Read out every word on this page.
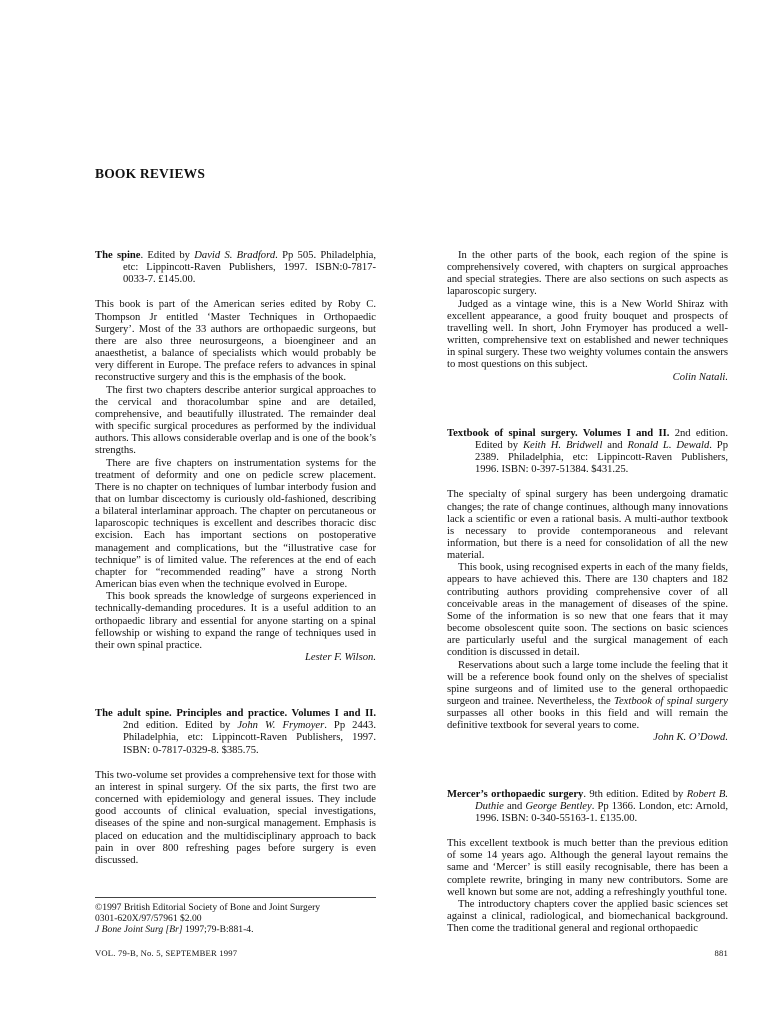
BOOK REVIEWS

The spine. Edited by David S. Bradford. Pp 505. Philadelphia, etc: Lippincott-Raven Publishers, 1997. ISBN:0-7817-0033-7. £145.00.

This book is part of the American series edited by Roby C. Thompson Jr entitled ‘Master Techniques in Orthopaedic Surgery’. Most of the 33 authors are orthopaedic surgeons, but there are also three neurosurgeons, a bioengineer and an anaesthetist, a balance of specialists which would probably be very different in Europe. The preface refers to advances in spinal reconstructive surgery and this is the emphasis of the book.

The first two chapters describe anterior surgical approaches to the cervical and thoracolumbar spine and are detailed, comprehensive, and beautifully illustrated. The remainder deal with specific surgical procedures as performed by the individual authors. This allows considerable overlap and is one of the book’s strengths.

There are five chapters on instrumentation systems for the treatment of deformity and one on pedicle screw placement. There is no chapter on techniques of lumbar interbody fusion and that on lumbar discectomy is curiously old-fashioned, describing a bilateral interlaminar approach. The chapter on percutaneous or laparoscopic techniques is excellent and describes thoracic disc excision. Each has important sections on postoperative management and complications, but the “illustrative case for technique” is of limited value. The references at the end of each chapter for “recommended reading” have a strong North American bias even when the technique evolved in Europe.

This book spreads the knowledge of surgeons experienced in technically-demanding procedures. It is a useful addition to an orthopaedic library and essential for anyone starting on a spinal fellowship or wishing to expand the range of techniques used in their own spinal practice.

Lester F. Wilson.

The adult spine. Principles and practice. Volumes I and II. 2nd edition. Edited by John W. Frymoyer. Pp 2443. Philadelphia, etc: Lippincott-Raven Publishers, 1997. ISBN: 0-7817-0329-8. $385.75.

This two-volume set provides a comprehensive text for those with an interest in spinal surgery. Of the six parts, the first two are concerned with epidemiology and general issues. They include good accounts of clinical evaluation, special investigations, diseases of the spine and non-surgical management. Emphasis is placed on education and the multidisciplinary approach to back pain in over 800 refreshing pages before surgery is even discussed.

In the other parts of the book, each region of the spine is comprehensively covered, with chapters on surgical approaches and special strategies. There are also sections on such aspects as laparoscopic surgery.

Judged as a vintage wine, this is a New World Shiraz with excellent appearance, a good fruity bouquet and prospects of travelling well. In short, John Frymoyer has produced a well-written, comprehensive text on established and newer techniques in spinal surgery. These two weighty volumes contain the answers to most questions on this subject.

Colin Natali.

Textbook of spinal surgery. Volumes I and II. 2nd edition. Edited by Keith H. Bridwell and Ronald L. Dewald. Pp 2389. Philadelphia, etc: Lippincott-Raven Publishers, 1996. ISBN: 0-397-51384. $431.25.

The specialty of spinal surgery has been undergoing dramatic changes; the rate of change continues, although many innovations lack a scientific or even a rational basis. A multi-author textbook is necessary to provide contemporaneous and relevant information, but there is a need for consolidation of all the new material.

This book, using recognised experts in each of the many fields, appears to have achieved this. There are 130 chapters and 182 contributing authors providing comprehensive cover of all conceivable areas in the management of diseases of the spine. Some of the information is so new that one fears that it may become obsolescent quite soon. The sections on basic sciences are particularly useful and the surgical management of each condition is discussed in detail.

Reservations about such a large tome include the feeling that it will be a reference book found only on the shelves of specialist spine surgeons and of limited use to the general orthopaedic surgeon and trainee. Nevertheless, the Textbook of spinal surgery surpasses all other books in this field and will remain the definitive textbook for several years to come.

John K. O’Dowd.

Mercer’s orthopaedic surgery. 9th edition. Edited by Robert B. Duthie and George Bentley. Pp 1366. London, etc: Arnold, 1996. ISBN: 0-340-55163-1. £135.00.

This excellent textbook is much better than the previous edition of some 14 years ago. Although the general layout remains the same and ‘Mercer’ is still easily recognisable, there has been a complete rewrite, bringing in many new contributors. Some are well known but some are not, adding a refreshingly youthful tone.

The introductory chapters cover the applied basic sciences set against a clinical, radiological, and biomechanical background. Then come the traditional general and regional orthopaedic

©1997 British Editorial Society of Bone and Joint Surgery
0301-620X/97/57961 $2.00
J Bone Joint Surg [Br] 1997;79-B:881-4.
VOL. 79-B, No. 5, SEPTEMBER 1997	881
